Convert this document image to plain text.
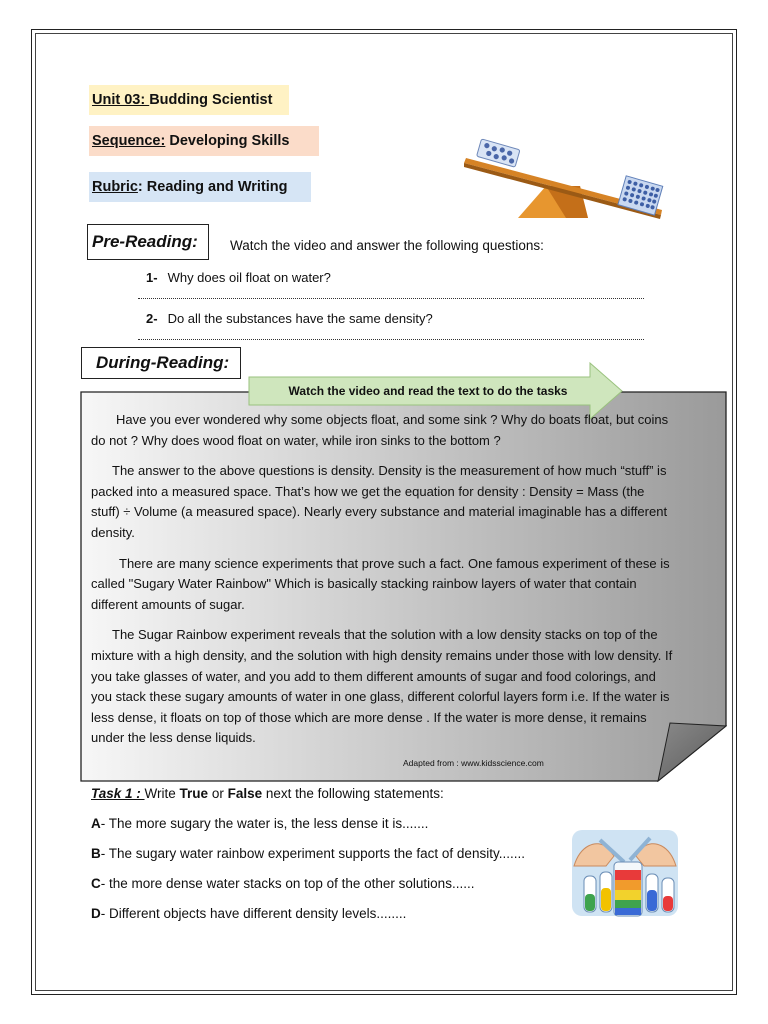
Unit 03: Budding Scientist
Sequence: Developing Skills
Rubric: Reading and Writing
Pre-Reading:	Watch the video and answer the following questions:
1- Why does oil float on water?
2- Do all the substances have the same density?
During-Reading:
Watch the video and read the text to do the tasks

Have you ever wondered why some objects float, and some sink ? Why do boats float, but coins do not ? Why does wood float on water, while iron sinks to the bottom ?

The answer to the above questions is density. Density is the measurement of how much “stuff” is packed into a measured space. That’s how we get the equation for density : Density = Mass (the stuff) ÷ Volume (a measured space). Nearly every substance and material imaginable has a different density.

There are many science experiments that prove such a fact. One famous experiment of these is called "Sugary Water Rainbow" Which is basically stacking rainbow layers of water that contain different amounts of sugar.

The Sugar Rainbow experiment reveals that the solution with a low density stacks on top of the mixture with a high density, and the solution with high density remains under those with low density. If you take glasses of water, and you add to them different amounts of sugar and food colorings, and you stack these sugary amounts of water in one glass, different colorful layers form i.e. If the water is less dense, it floats on top of those which are more dense . If the water is more dense, it remains under the less dense liquids.

Adapted from : www.kidsscience.com
Task 1 : Write True or False next the following statements:
A- The more sugary the water is, the less dense it is.......
B- The sugary water rainbow experiment supports the fact of density.......
C- the more dense water stacks on top of the other solutions......
D- Different objects have different density levels........
